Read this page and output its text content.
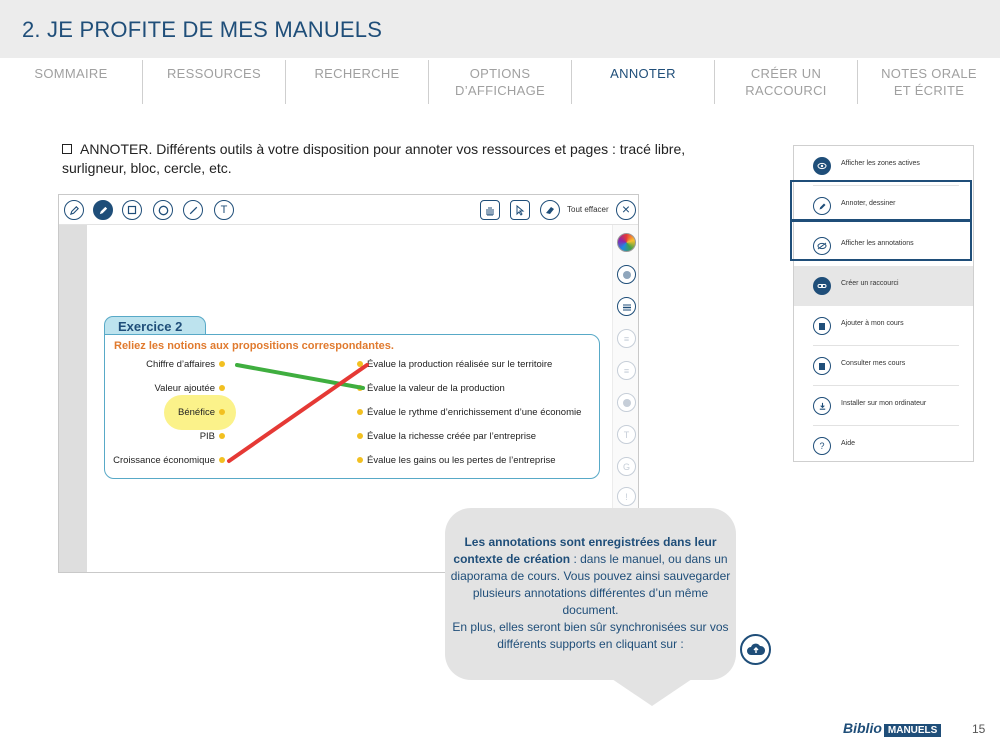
2. JE PROFITE DE MES MANUELS
SOMMAIRE	RESSOURCES	RECHERCHE	OPTIONS
D’AFFICHAGE
ANNOTER	CRÉER UN
RACCOURCI
NOTES ORALE
ET ÉCRITE
ANNOTER. Différents outils à votre disposition pour annoter vos ressources et pages : tracé libre, surligneur, bloc, cercle, etc.
T	Tout effacer ×
≡
≡
T
G
!
Exercice 2
Reliez les notions aux propositions correspondantes.
Chiffre d’affaires
Valeur ajoutée
Bénéfice
PIB
Croissance économique
Évalue la production réalisée sur le territoire
Évalue la valeur de la production
Évalue le rythme d’enrichissement d’une économie
Évalue la richesse créée par l’entreprise
Évalue les gains ou les pertes de l’entreprise
Afficher les zones actives
Annoter, dessiner
Afficher les annotations
Créer un raccourci
Ajouter à mon cours
Consulter mes cours
Installer sur mon ordinateur
?	Aide
Les annotations sont enregistrées dans leur contexte de création : dans le manuel, ou dans un diaporama de cours. Vous pouvez ainsi sauvegarder plusieurs annotations différentes d’un même document.
En plus, elles seront bien sûr synchronisées sur vos différents supports en cliquant sur :
Biblio MANUELS	15
